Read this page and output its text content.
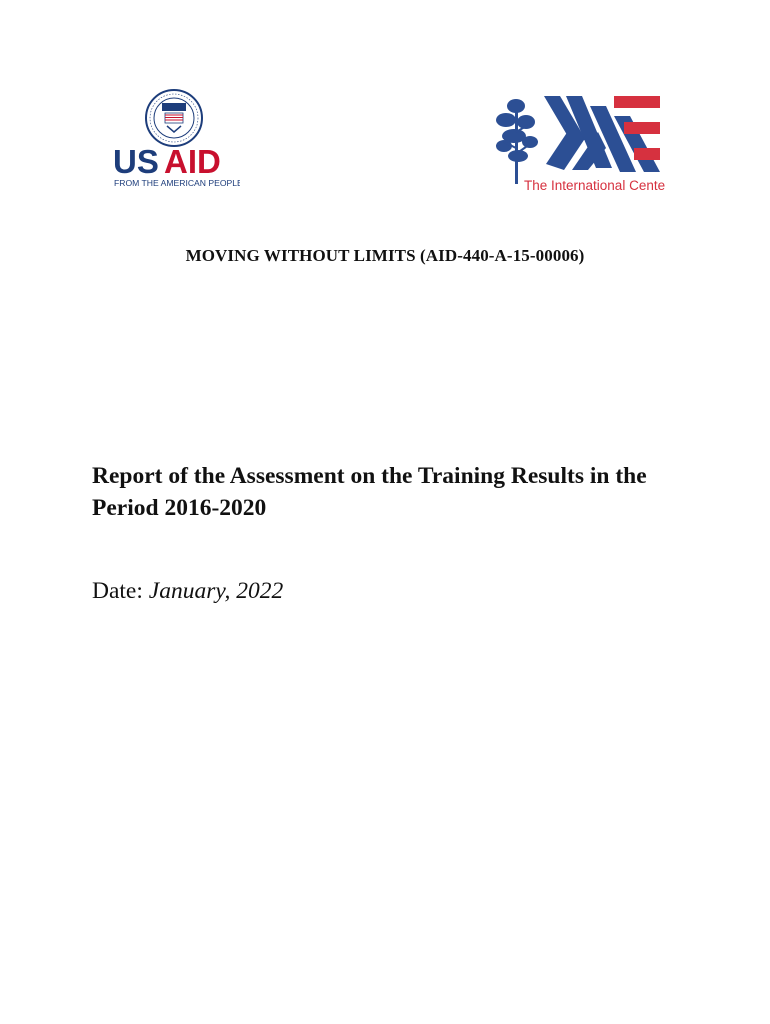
US AID
FROM THE AMERICAN PEOPLE	The International Center
MOVING WITHOUT LIMITS (AID-440-A-15-00006)
Report of the Assessment on the Training Results in the
Period 2016-2020
Date: January, 2022
